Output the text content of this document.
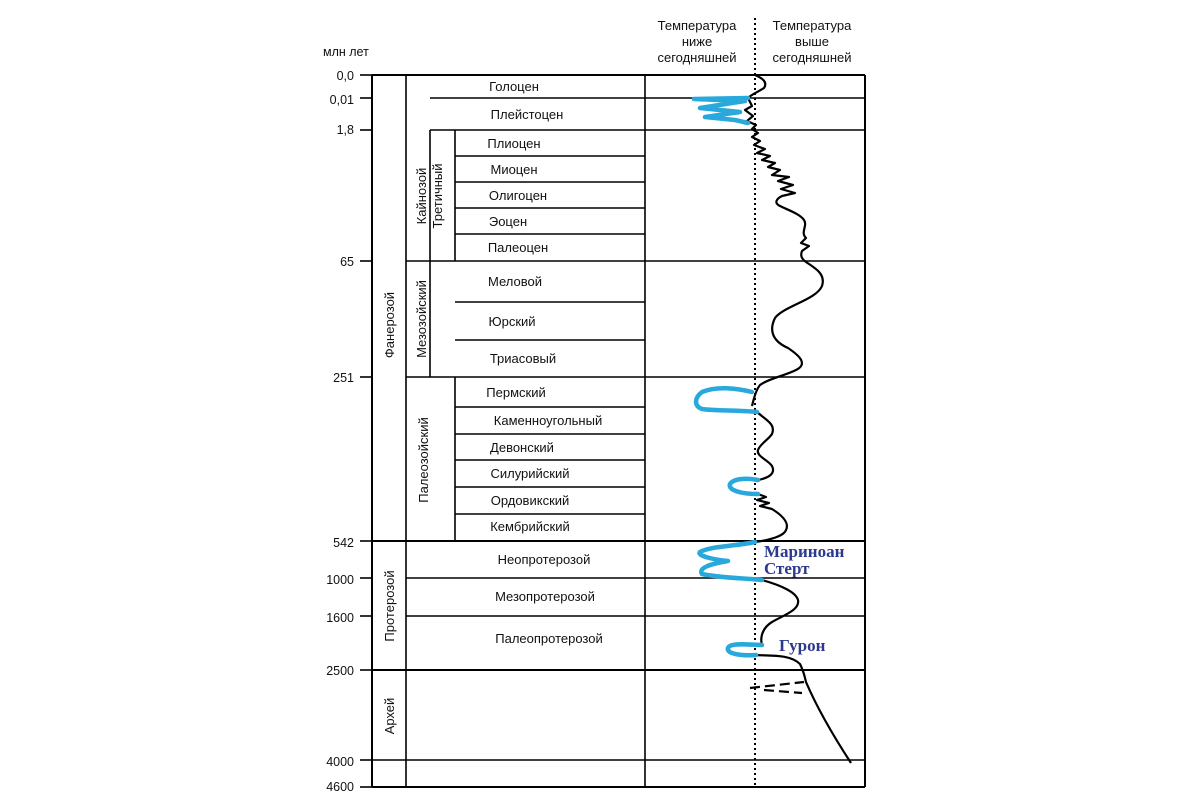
Температура
ниже
сегодняшней
Температура
выше
сегодняшней
млн лет
0,0
0,01
1,8
65
251
542
1000
1600
2500
4000
4600
Фанерозой
Протерозой
Архей
Кайнозой Третичный
Мезозойский
Палеозойский
Голоцен
Плейстоцен
Плиоцен
Миоцен
Олигоцен
Эоцен
Палеоцен
Меловой
Юрский
Триасовый
Пермский
Каменноугольный
Девонский
Силурийский
Ордовикский
Кембрийский
Неопротерозой
Мезопротерозой
Палеопротерозой
Мариноан
Стерт
Гурон
